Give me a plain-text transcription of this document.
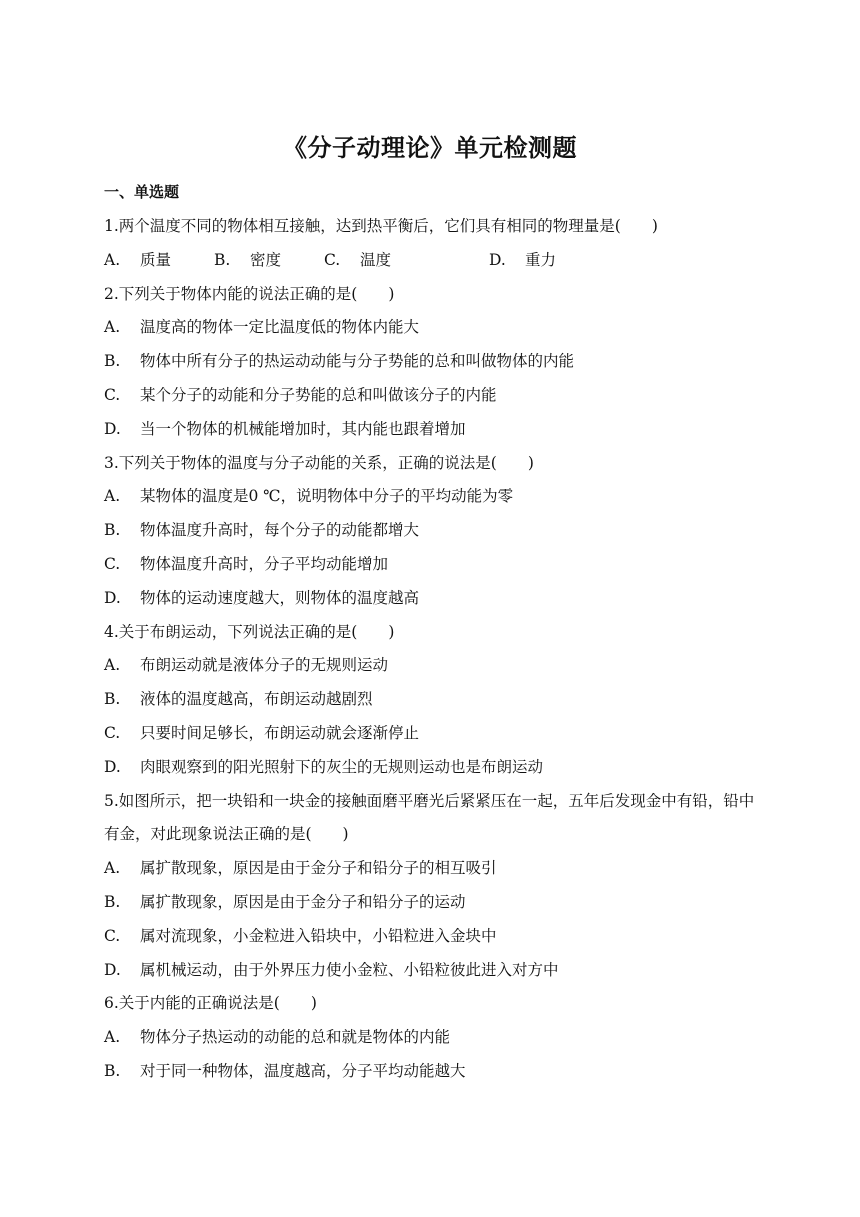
《分子动理论》单元检测题
一、单选题
1.两个温度不同的物体相互接触，达到热平衡后，它们具有相同的物理量是(　　)
A. 质量	B. 密度	C. 温度	D. 重力
2.下列关于物体内能的说法正确的是(　　)
A. 温度高的物体一定比温度低的物体内能大
B. 物体中所有分子的热运动动能与分子势能的总和叫做物体的内能
C. 某个分子的动能和分子势能的总和叫做该分子的内能
D. 当一个物体的机械能增加时，其内能也跟着增加
3.下列关于物体的温度与分子动能的关系，正确的说法是(　　)
A. 某物体的温度是0 ℃，说明物体中分子的平均动能为零
B. 物体温度升高时，每个分子的动能都增大
C. 物体温度升高时，分子平均动能增加
D. 物体的运动速度越大，则物体的温度越高
4.关于布朗运动，下列说法正确的是(　　)
A. 布朗运动就是液体分子的无规则运动
B. 液体的温度越高，布朗运动越剧烈
C. 只要时间足够长，布朗运动就会逐渐停止
D. 肉眼观察到的阳光照射下的灰尘的无规则运动也是布朗运动
5.如图所示，把一块铅和一块金的接触面磨平磨光后紧紧压在一起，五年后发现金中有铅，铅中有金，对此现象说法正确的是(　　)
A. 属扩散现象，原因是由于金分子和铅分子的相互吸引
B. 属扩散现象，原因是由于金分子和铅分子的运动
C. 属对流现象，小金粒进入铅块中，小铅粒进入金块中
D. 属机械运动，由于外界压力使小金粒、小铅粒彼此进入对方中
6.关于内能的正确说法是(　　)
A. 物体分子热运动的动能的总和就是物体的内能
B. 对于同一种物体，温度越高，分子平均动能越大
